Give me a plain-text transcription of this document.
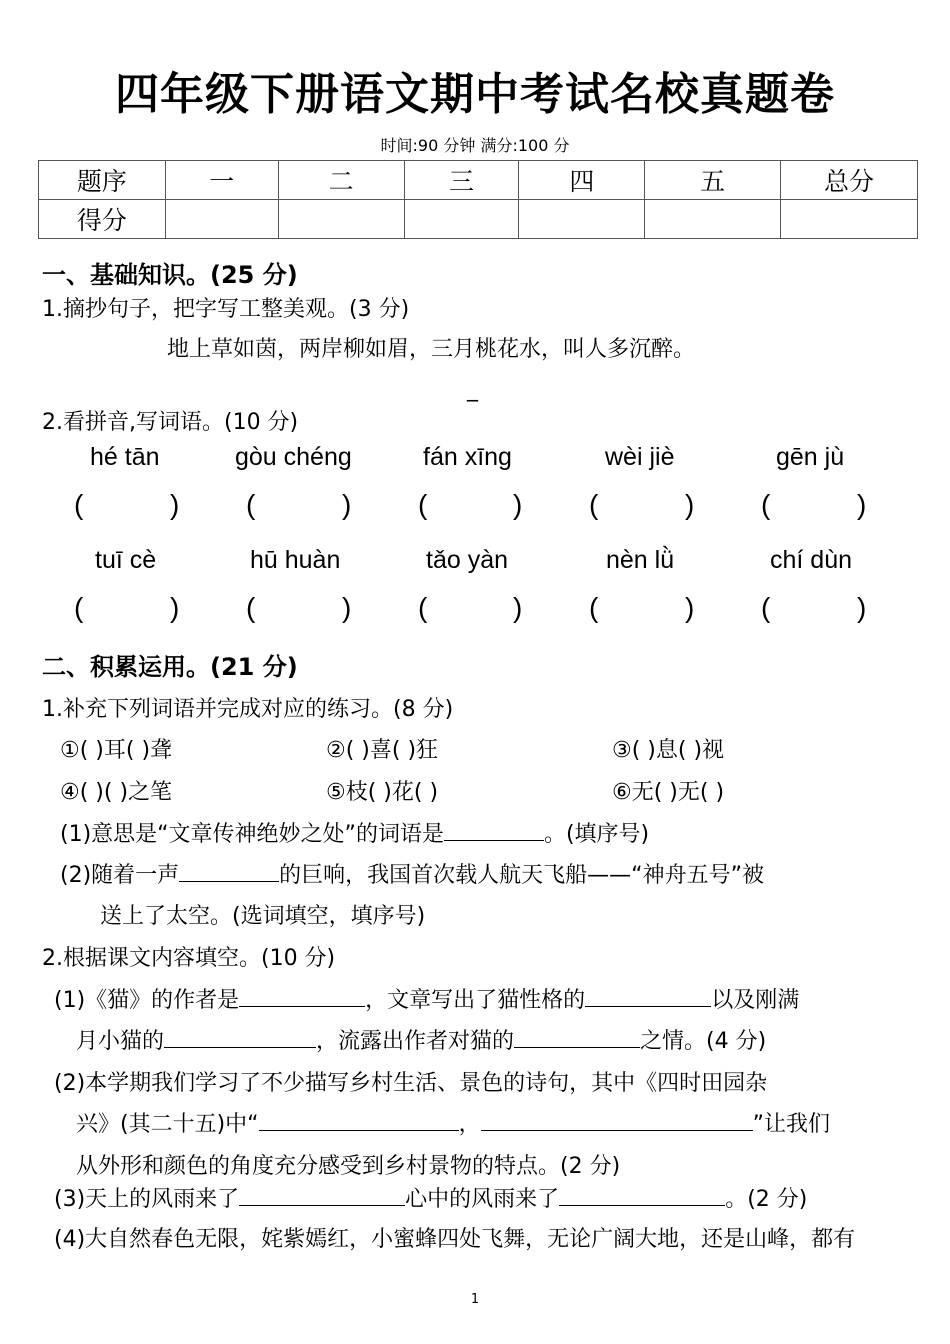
四年级下册语文期中考试名校真题卷
时间:90 分钟 满分:100 分
题序	一	二	三	四	五	总分
得分						
一、基础知识。(25 分)
1.摘抄句子，把字写工整美观。(3 分)
地上草如茵，两岸柳如眉，三月桃花水，叫人多沉醉。
_
2.看拼音,写词语。(10 分)
hé tān	gòu chéng	fán xīng	wèi jiè	gēn jù
(	) (	) (	) (	) (	)
tuī cè	hū huàn	tǎo yàn	nèn lǜ	chí dùn
(	) (	) (	) (	) (	)
二、积累运用。(21 分)
1.补充下列词语并完成对应的练习。(8 分)
①( )耳( )聋	②( )喜( )狂	③( )息( )视
④( )( )之笔	⑤枝( )花( )	⑥无( )无( )
(1)意思是“文章传神绝妙之处”的词语是	。(填序号)
(2)随着一声	的巨响，我国首次载人航天飞船——“神舟五号”被
送上了太空。(选词填空，填序号)
2.根据课文内容填空。(10 分)
(1)《猫》的作者是	，文章写出了猫性格的	以及刚满
月小猫的	，流露出作者对猫的	之情。(4 分)
(2)本学期我们学习了不少描写乡村生活、景色的诗句，其中《四时田园杂
兴》(其二十五)中“	，	”让我们
从外形和颜色的角度充分感受到乡村景物的特点。(2 分)
(3)天上的风雨来了	心中的风雨来了	。(2 分)
(4)大自然春色无限，姹紫嫣红，小蜜蜂四处飞舞，无论广阔大地，还是山峰，都有
1
